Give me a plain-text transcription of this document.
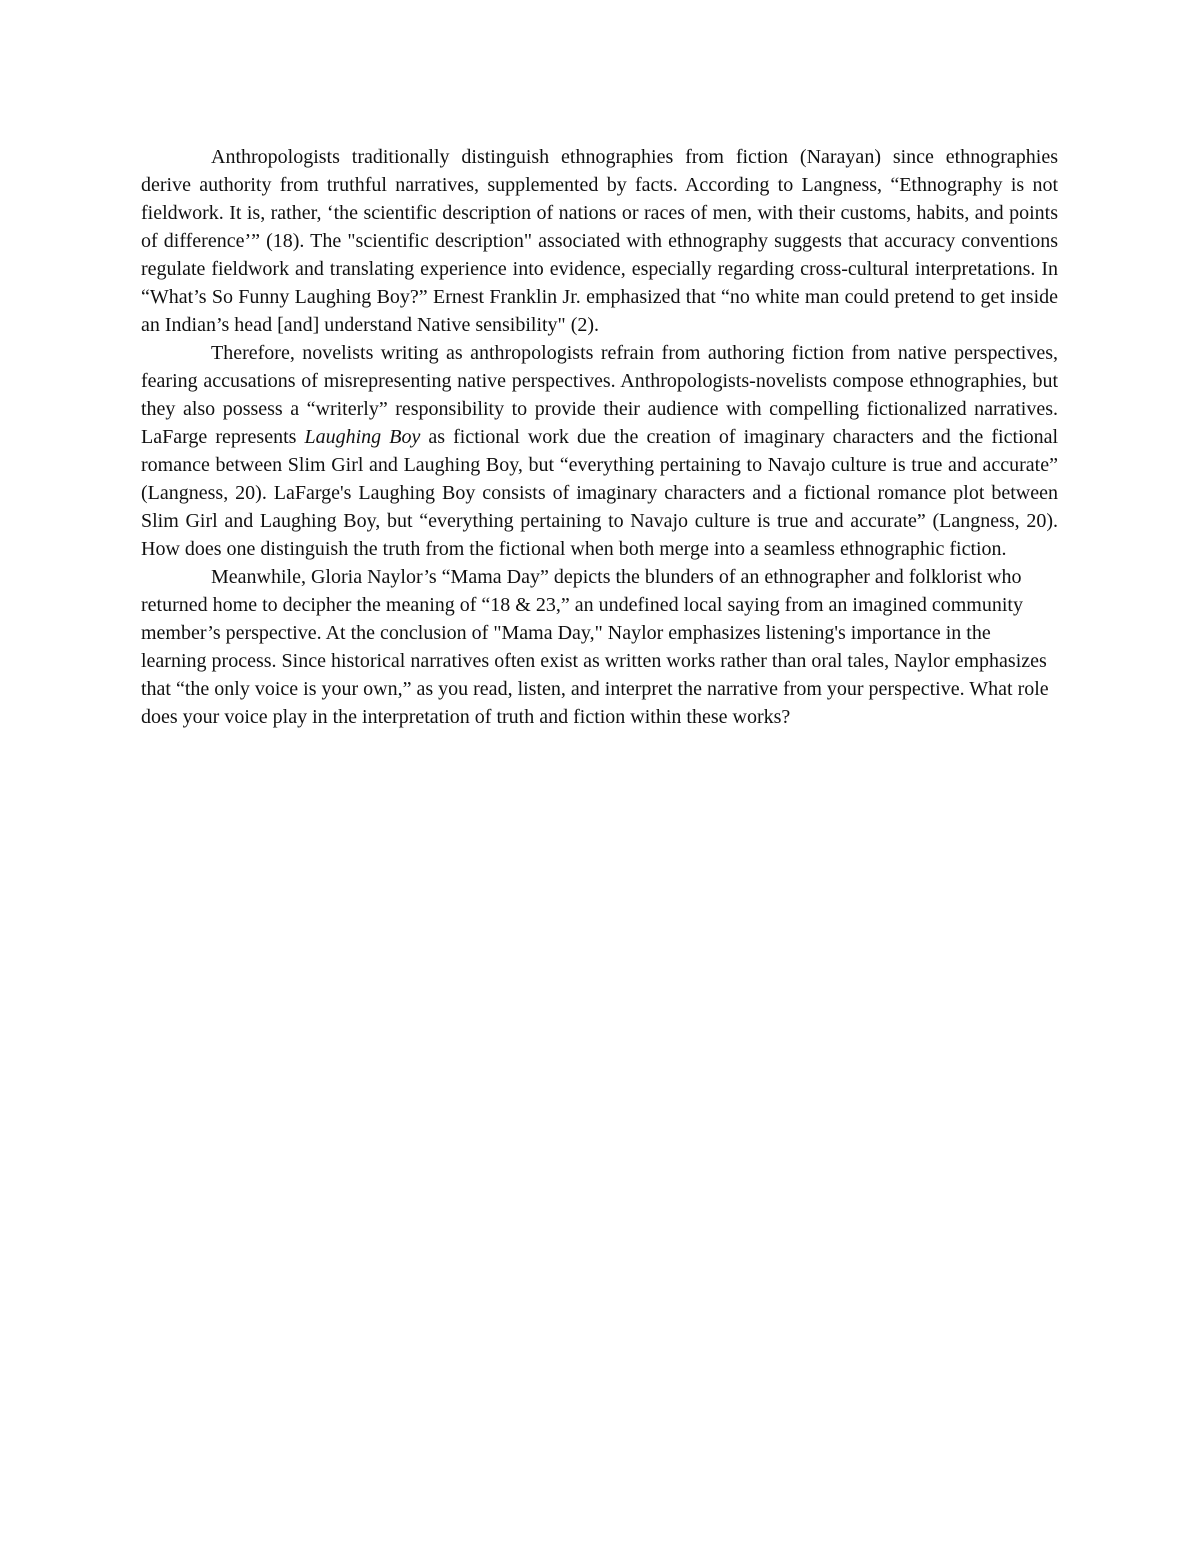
Anthropologists traditionally distinguish ethnographies from fiction (Narayan) since ethnographies derive authority from truthful narratives, supplemented by facts. According to Langness, “Ethnography is not fieldwork. It is, rather, ‘the scientific description of nations or races of men, with their customs, habits, and points of difference’” (18). The "scientific description" associated with ethnography suggests that accuracy conventions regulate fieldwork and translating experience into evidence, especially regarding cross-cultural interpretations. In “What’s So Funny Laughing Boy?” Ernest Franklin Jr. emphasized that “no white man could pretend to get inside an Indian’s head [and] understand Native sensibility" (2).

Therefore, novelists writing as anthropologists refrain from authoring fiction from native perspectives, fearing accusations of misrepresenting native perspectives. Anthropologists-novelists compose ethnographies, but they also possess a “writerly” responsibility to provide their audience with compelling fictionalized narratives. LaFarge represents Laughing Boy as fictional work due the creation of imaginary characters and the fictional romance between Slim Girl and Laughing Boy, but “everything pertaining to Navajo culture is true and accurate” (Langness, 20). LaFarge's Laughing Boy consists of imaginary characters and a fictional romance plot between Slim Girl and Laughing Boy, but “everything pertaining to Navajo culture is true and accurate” (Langness, 20). How does one distinguish the truth from the fictional when both merge into a seamless ethnographic fiction.

Meanwhile, Gloria Naylor’s “Mama Day” depicts the blunders of an ethnographer and folklorist who returned home to decipher the meaning of “18 & 23,” an undefined local saying from an imagined community member’s perspective. At the conclusion of "Mama Day," Naylor emphasizes listening's importance in the learning process. Since historical narratives often exist as written works rather than oral tales, Naylor emphasizes that “the only voice is your own,” as you read, listen, and interpret the narrative from your perspective. What role does your voice play in the interpretation of truth and fiction within these works?
